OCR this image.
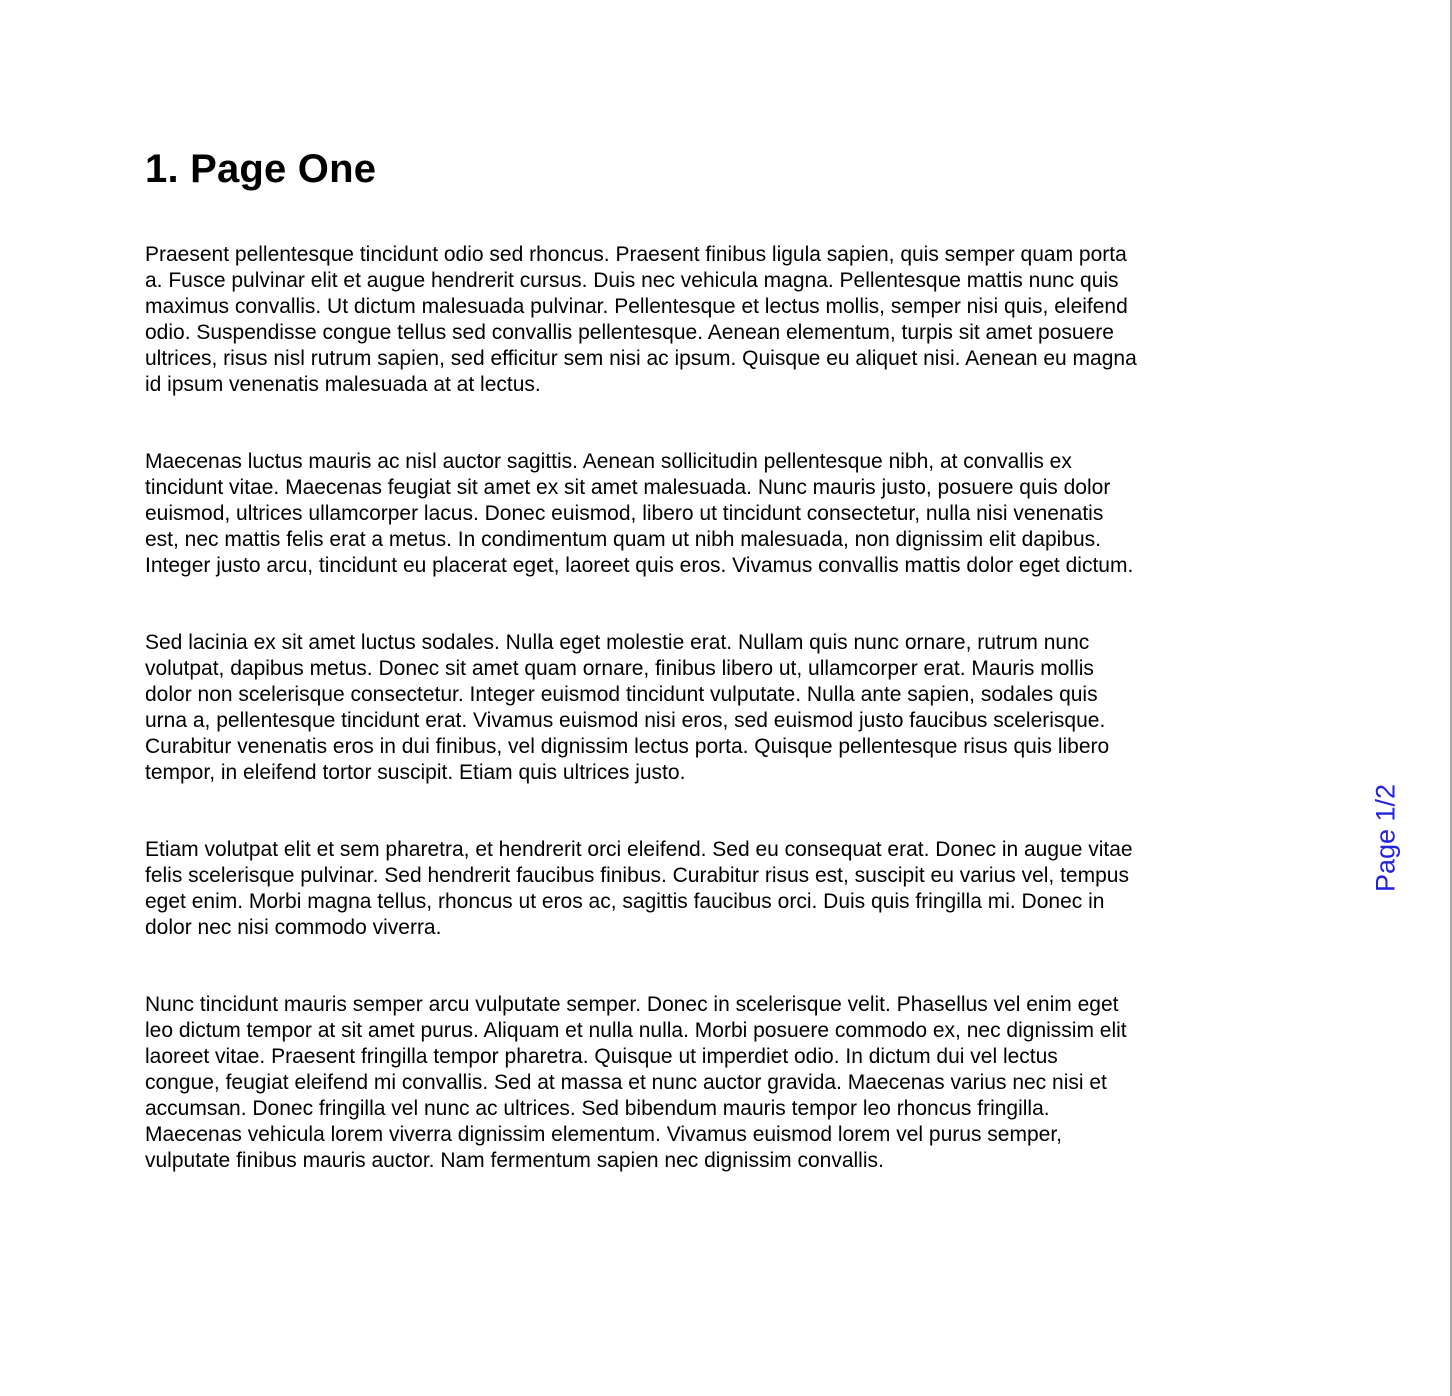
1. Page One

Praesent pellentesque tincidunt odio sed rhoncus. Praesent finibus ligula sapien, quis semper quam porta a. Fusce pulvinar elit et augue hendrerit cursus. Duis nec vehicula magna. Pellentesque mattis nunc quis maximus convallis. Ut dictum malesuada pulvinar. Pellentesque et lectus mollis, semper nisi quis, eleifend odio. Suspendisse congue tellus sed convallis pellentesque. Aenean elementum, turpis sit amet posuere ultrices, risus nisl rutrum sapien, sed efficitur sem nisi ac ipsum. Quisque eu aliquet nisi. Aenean eu magna id ipsum venenatis malesuada at at lectus.

Maecenas luctus mauris ac nisl auctor sagittis. Aenean sollicitudin pellentesque nibh, at convallis ex tincidunt vitae. Maecenas feugiat sit amet ex sit amet malesuada. Nunc mauris justo, posuere quis dolor euismod, ultrices ullamcorper lacus. Donec euismod, libero ut tincidunt consectetur, nulla nisi venenatis est, nec mattis felis erat a metus. In condimentum quam ut nibh malesuada, non dignissim elit dapibus. Integer justo arcu, tincidunt eu placerat eget, laoreet quis eros. Vivamus convallis mattis dolor eget dictum.

Sed lacinia ex sit amet luctus sodales. Nulla eget molestie erat. Nullam quis nunc ornare, rutrum nunc volutpat, dapibus metus. Donec sit amet quam ornare, finibus libero ut, ullamcorper erat. Mauris mollis dolor non scelerisque consectetur. Integer euismod tincidunt vulputate. Nulla ante sapien, sodales quis urna a, pellentesque tincidunt erat. Vivamus euismod nisi eros, sed euismod justo faucibus scelerisque. Curabitur venenatis eros in dui finibus, vel dignissim lectus porta. Quisque pellentesque risus quis libero tempor, in eleifend tortor suscipit. Etiam quis ultrices justo.

Etiam volutpat elit et sem pharetra, et hendrerit orci eleifend. Sed eu consequat erat. Donec in augue vitae felis scelerisque pulvinar. Sed hendrerit faucibus finibus. Curabitur risus est, suscipit eu varius vel, tempus eget enim. Morbi magna tellus, rhoncus ut eros ac, sagittis faucibus orci. Duis quis fringilla mi. Donec in dolor nec nisi commodo viverra.

Nunc tincidunt mauris semper arcu vulputate semper. Donec in scelerisque velit. Phasellus vel enim eget leo dictum tempor at sit amet purus. Aliquam et nulla nulla. Morbi posuere commodo ex, nec dignissim elit laoreet vitae. Praesent fringilla tempor pharetra. Quisque ut imperdiet odio. In dictum dui vel lectus congue, feugiat eleifend mi convallis. Sed at massa et nunc auctor gravida. Maecenas varius nec nisi et accumsan. Donec fringilla vel nunc ac ultrices. Sed bibendum mauris tempor leo rhoncus fringilla. Maecenas vehicula lorem viverra dignissim elementum. Vivamus euismod lorem vel purus semper, vulputate finibus mauris auctor. Nam fermentum sapien nec dignissim convallis.

Page 1/2
